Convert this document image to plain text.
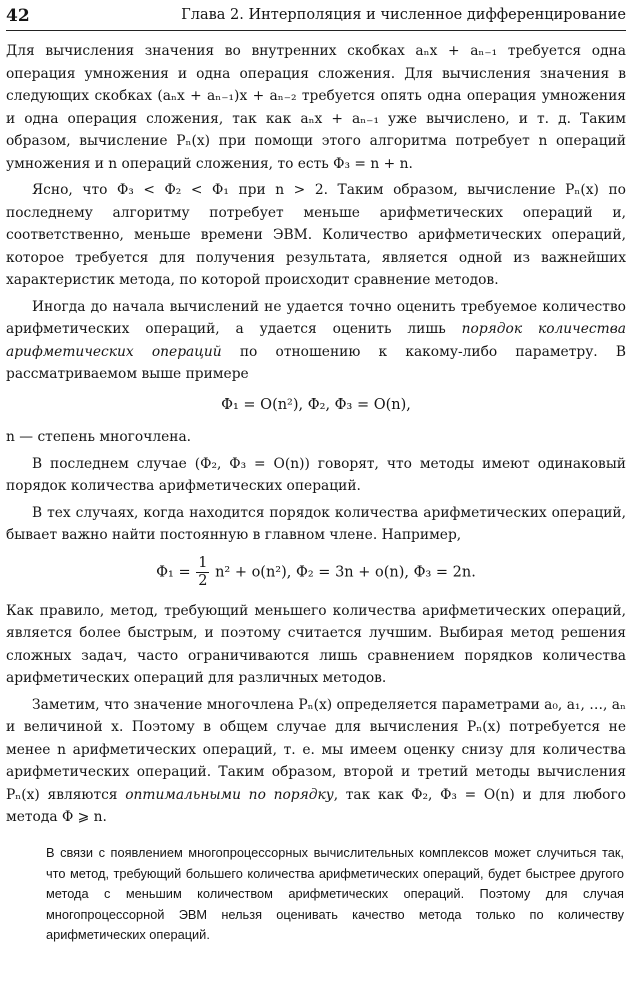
42	Глава 2. Интерполяция и численное дифференцирование

Для вычисления значения во внутренних скобках aₙx + aₙ₋₁ требуется одна операция умножения и одна операция сложения. Для вычисления значения в следующих скобках (aₙx + aₙ₋₁)x + aₙ₋₂ требуется опять одна операция умножения и одна операция сложения, так как aₙx + aₙ₋₁ уже вычислено, и т. д. Таким образом, вычисление Pₙ(x) при помощи этого алгоритма потребует n операций умножения и n операций сложения, то есть Φ₃ = n + n.

Ясно, что Φ₃ < Φ₂ < Φ₁ при n > 2. Таким образом, вычисление Pₙ(x) по последнему алгоритму потребует меньше арифметических операций и, соответственно, меньше времени ЭВМ. Количество арифметических операций, которое требуется для получения результата, является одной из важнейших характеристик метода, по которой происходит сравнение методов.

Иногда до начала вычислений не удается точно оценить требуемое количество арифметических операций, а удается оценить лишь порядок количества арифметических операций по отношению к какому-либо параметру. В рассматриваемом выше примере

Φ₁ = O(n²), Φ₂, Φ₃ = O(n),

n — степень многочлена.

В последнем случае (Φ₂, Φ₃ = O(n)) говорят, что методы имеют одинаковый порядок количества арифметических операций.

В тех случаях, когда находится порядок количества арифметических операций, бывает важно найти постоянную в главном члене. Например,

$\Phi_1 = \frac{1}{2} n^2 + o(n^2)$, Φ₂ = 3n + o(n), Φ₃ = 2n.

Как правило, метод, требующий меньшего количества арифметических операций, является более быстрым, и поэтому считается лучшим. Выбирая метод решения сложных задач, часто ограничиваются лишь сравнением порядков количества арифметических операций для различных методов.

Заметим, что значение многочлена Pₙ(x) определяется параметрами a₀, a₁, …, aₙ и величиной x. Поэтому в общем случае для вычисления Pₙ(x) потребуется не менее n арифметических операций, т. е. мы имеем оценку снизу для количества арифметических операций. Таким образом, второй и третий методы вычисления Pₙ(x) являются оптимальными по порядку, так как Φ₂, Φ₃ = O(n) и для любого метода Φ ⩾ n.

В связи с появлением многопроцессорных вычислительных комплексов может случиться так, что метод, требующий большего количества арифметических операций, будет быстрее другого метода с меньшим количеством арифметических операций. Поэтому для случая многопроцессорной ЭВМ нельзя оценивать качество метода только по количеству арифметических операций.
